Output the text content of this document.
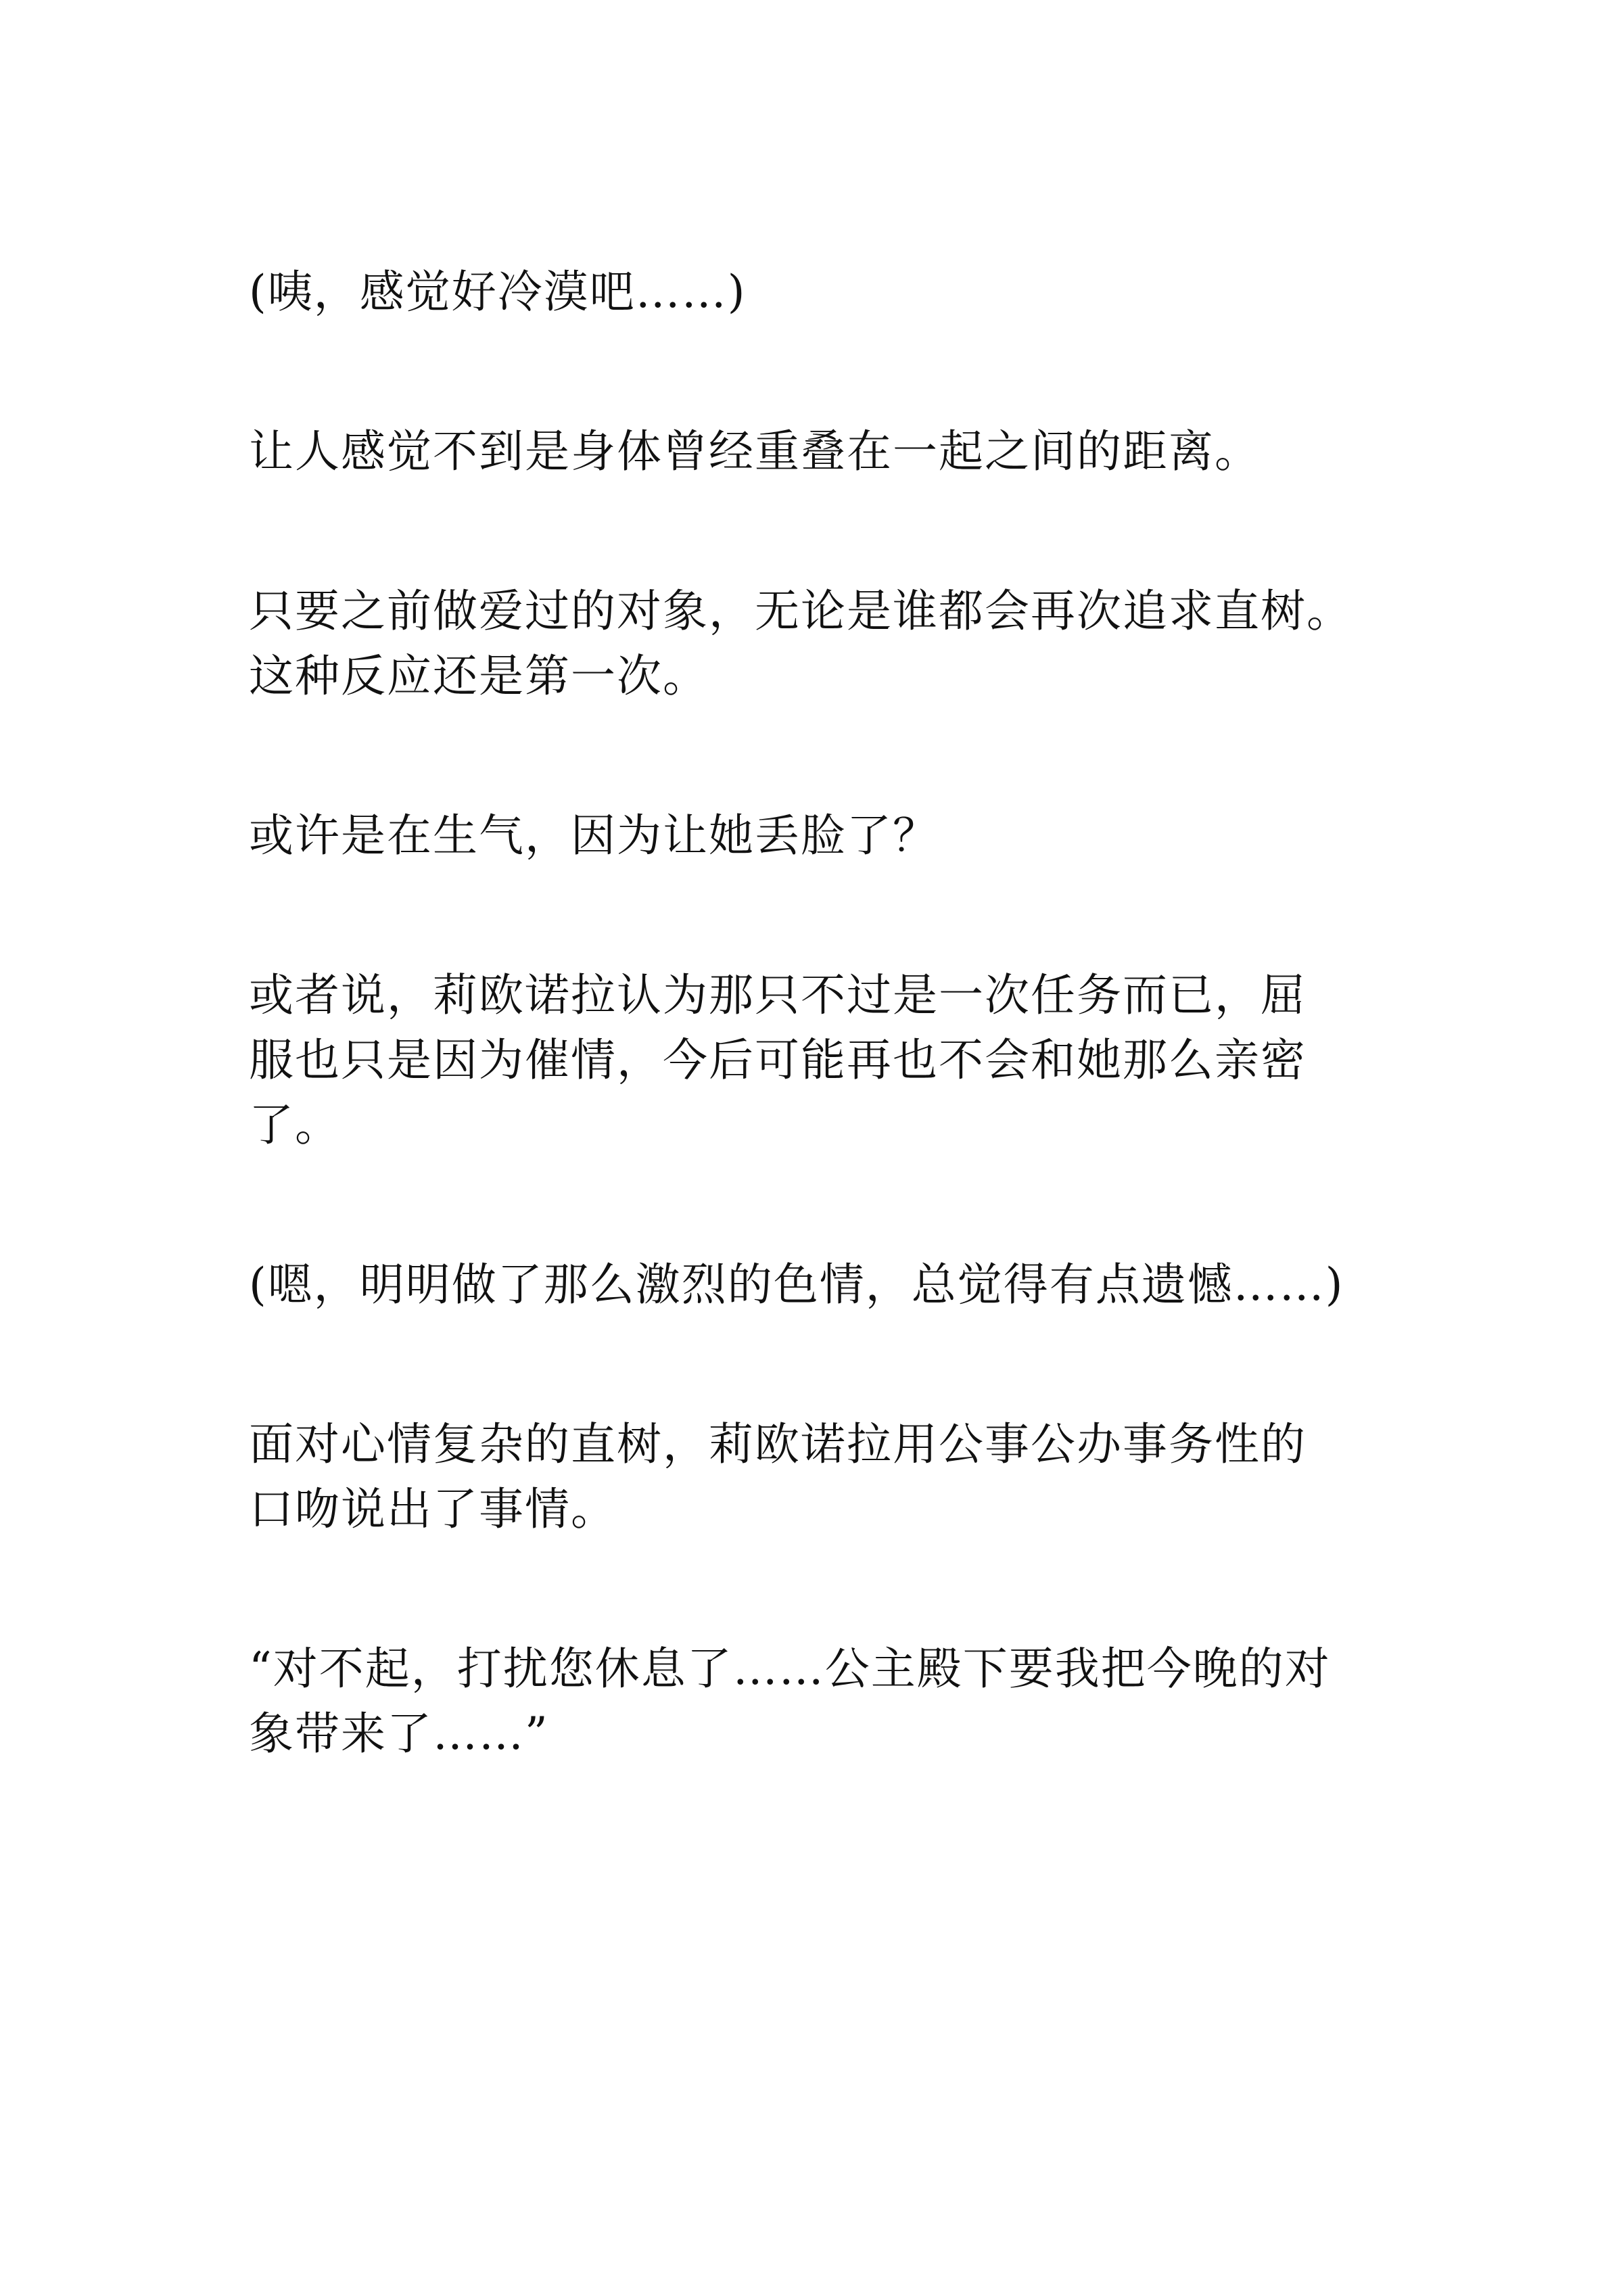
(咦，感觉好冷漠吧……)

让人感觉不到是身体曾经重叠在一起之间的距离。

只要之前做爱过的对象，无论是谁都会再次追求直树。
这种反应还是第一次。

或许是在生气，因为让她丢脸了？

或者说，莉欧诺拉认为那只不过是一次任务而已，屈
服也只是因为催情，今后可能再也不会和她那么亲密
了。

(嗯，明明做了那么激烈的色情，总觉得有点遗憾……)

面对心情复杂的直树，莉欧诺拉用公事公办事务性的
口吻说出了事情。

“对不起，打扰您休息了……公主殿下要我把今晚的对
象带来了……”
